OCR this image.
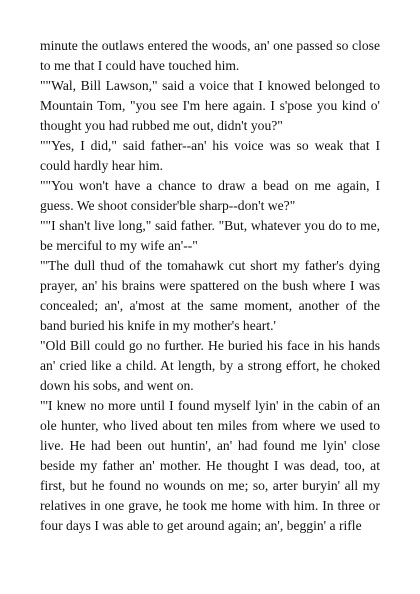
minute the outlaws entered the woods, an' one passed so close to me that I could have touched him.

""Wal, Bill Lawson," said a voice that I knowed belonged to Mountain Tom, "you see I'm here again. I s'pose you kind o' thought you had rubbed me out, didn't you?"

""Yes, I did," said father--an' his voice was so weak that I could hardly hear him.

""You won't have a chance to draw a bead on me again, I guess. We shoot consider'ble sharp--don't we?"

""I shan't live long," said father. "But, whatever you do to me, be merciful to my wife an'--"

"'The dull thud of the tomahawk cut short my father's dying prayer, an' his brains were spattered on the bush where I was concealed; an', a'most at the same moment, another of the band buried his knife in my mother's heart.'

"Old Bill could go no further. He buried his face in his hands an' cried like a child. At length, by a strong effort, he choked down his sobs, and went on.

"'I knew no more until I found myself lyin' in the cabin of an ole hunter, who lived about ten miles from where we used to live. He had been out huntin', an' had found me lyin' close beside my father an' mother. He thought I was dead, too, at first, but he found no wounds on me; so, arter buryin' all my relatives in one grave, he took me home with him. In three or four days I was able to get around again; an', beggin' a rifle
